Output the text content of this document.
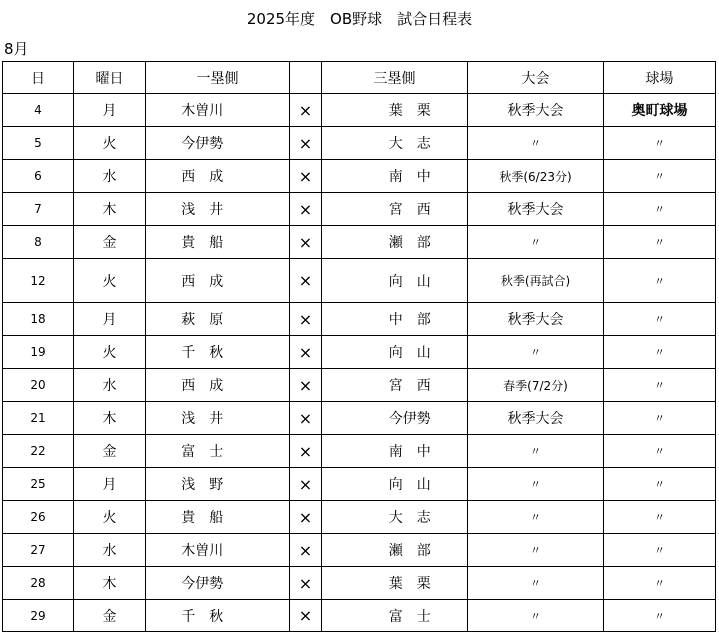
2025年度　OB野球　試合日程表
8月
日	曜日	一塁側			三塁側		大会	球場
4	月	木曽川		×		葉　栗	秋季大会	奥町球場
5	火	今伊勢		×		大　志	〃	〃
6	水	西　成		×		南　中	秋季(6/23分)	〃
7	木	浅　井		×		宮　西	秋季大会	〃
8	金	貴　船		×		瀬　部	〃	〃
12	火	西　成		×		向　山	秋季(再試合)	〃
18	月	萩　原		×		中　部	秋季大会	〃
19	火	千　秋		×		向　山	〃	〃
20	水	西　成		×		宮　西	春季(7/2分)	〃
21	木	浅　井		×		今伊勢	秋季大会	〃
22	金	富　士		×		南　中	〃	〃
25	月	浅　野		×		向　山	〃	〃
26	火	貴　船		×		大　志	〃	〃
27	水	木曽川		×		瀬　部	〃	〃
28	木	今伊勢		×		葉　栗	〃	〃
29	金	千　秋		×		富　士	〃	〃
